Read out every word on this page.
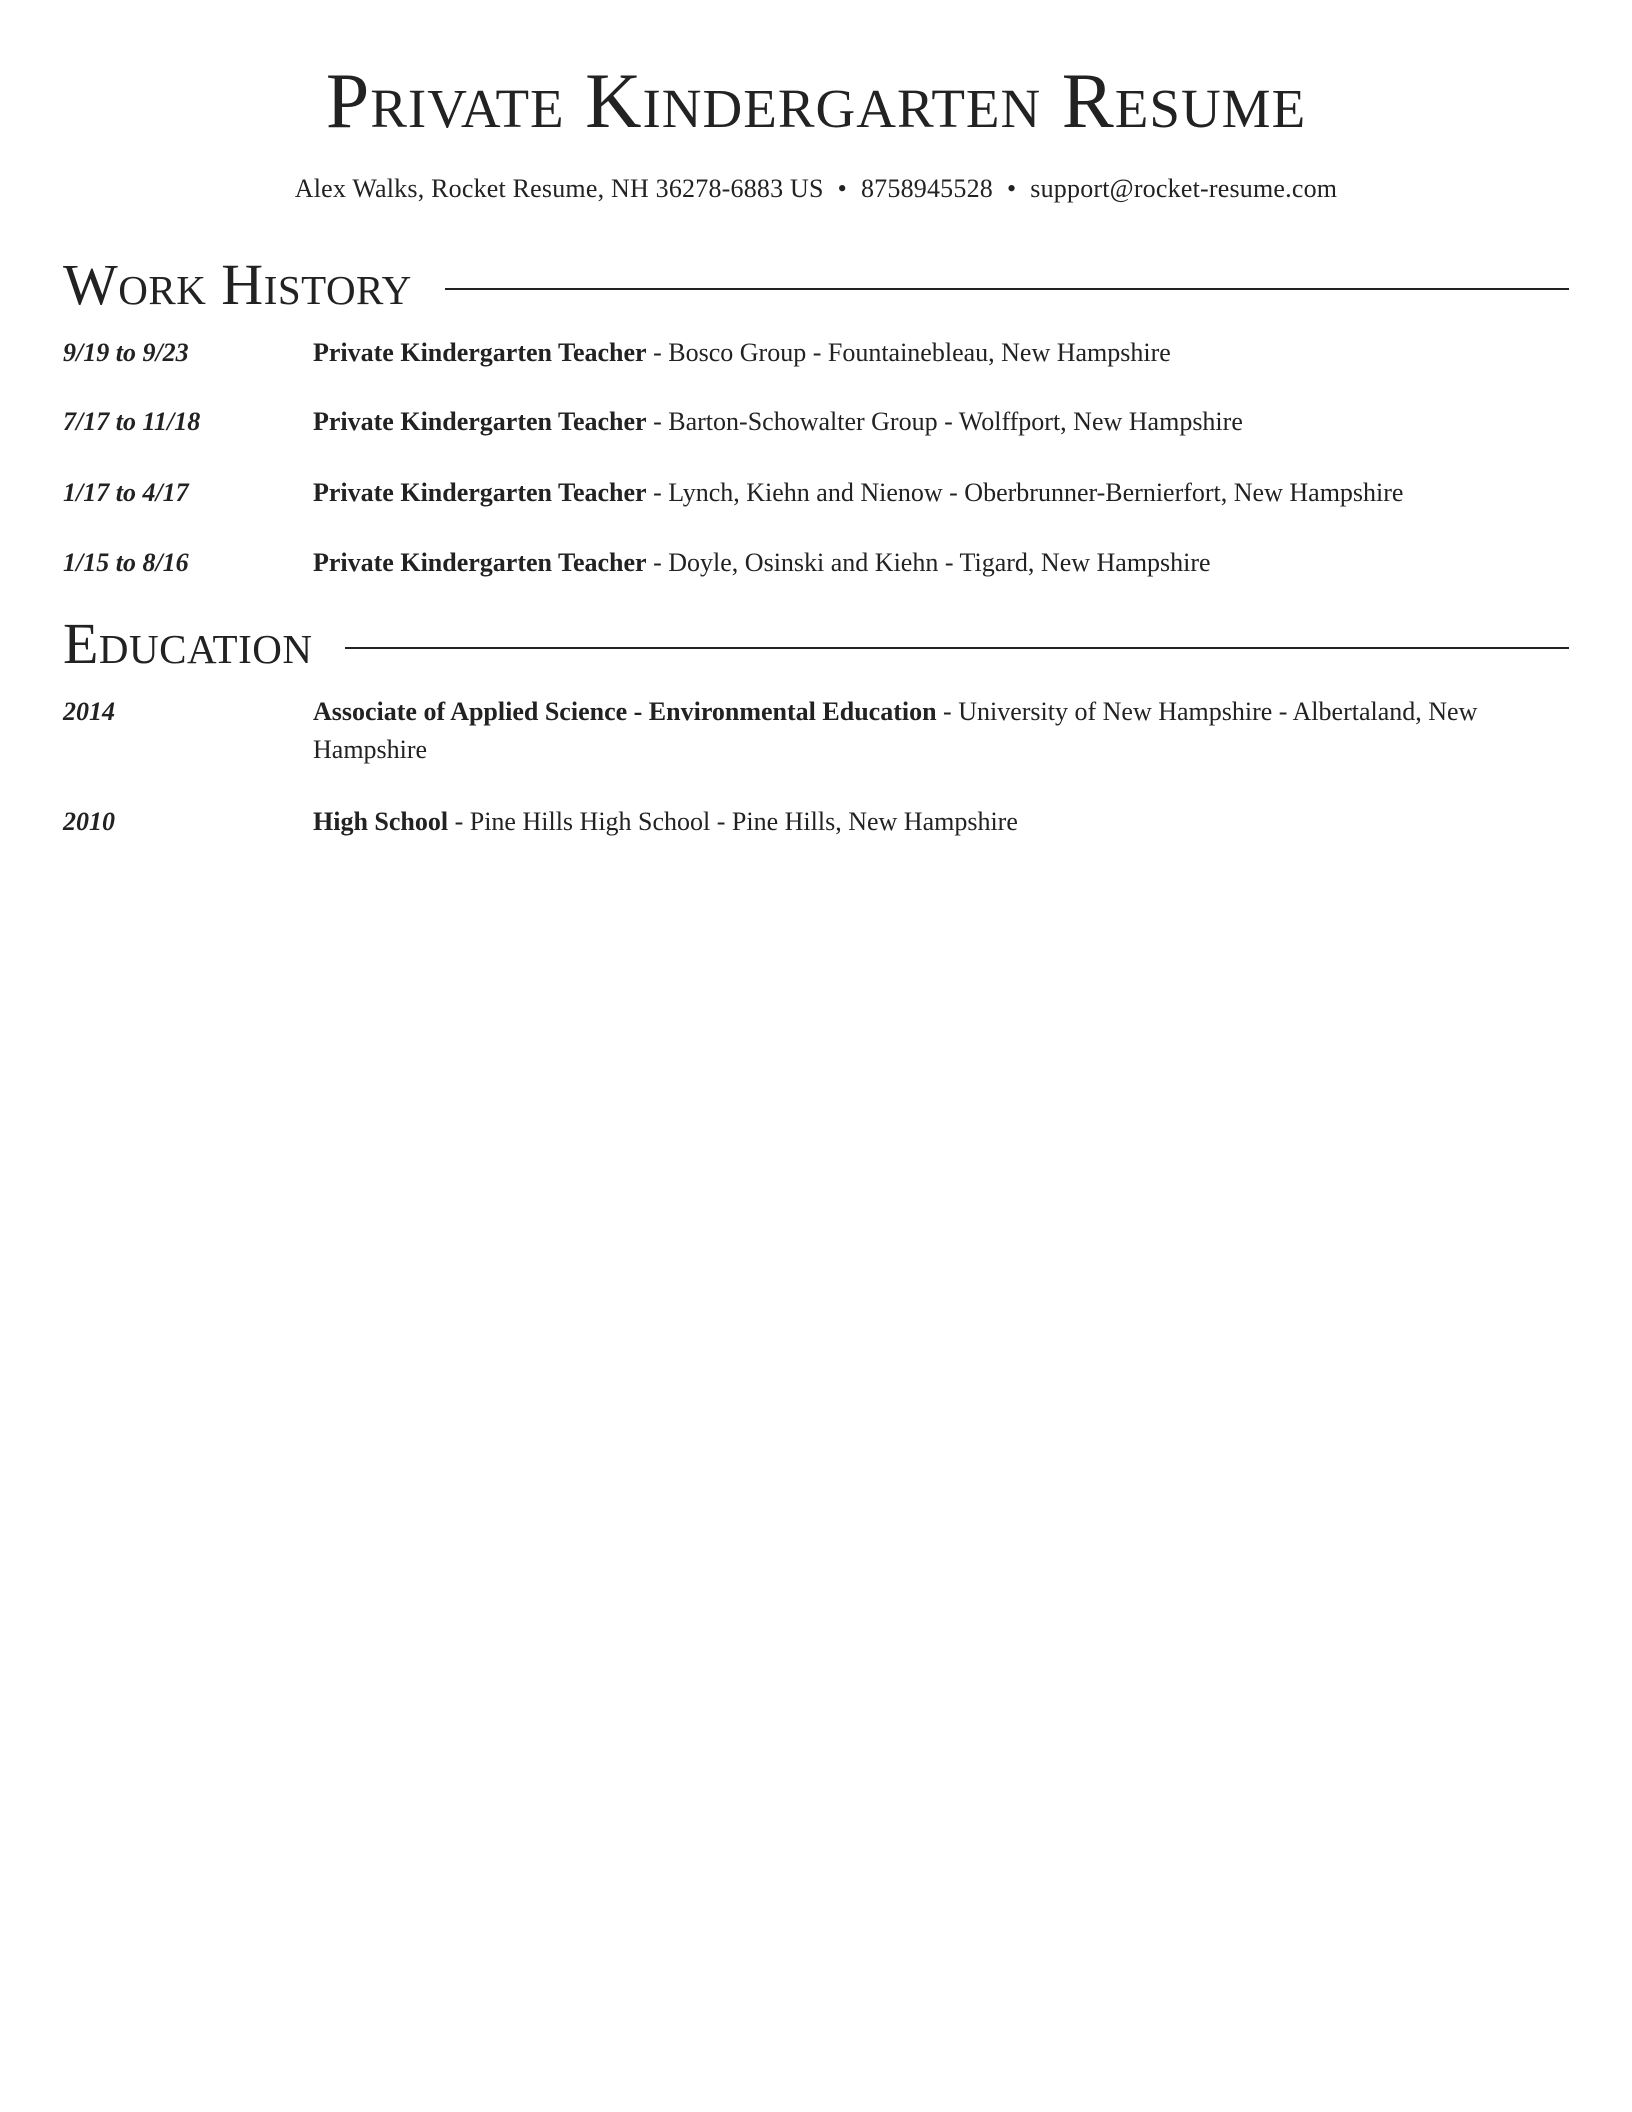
Private Kindergarten Resume
Alex Walks, Rocket Resume, NH 36278-6883 US • 8758945528 • support@rocket-resume.com
Work History
9/19 to 9/23	Private Kindergarten Teacher - Bosco Group - Fountainebleau, New Hampshire
7/17 to 11/18	Private Kindergarten Teacher - Barton-Schowalter Group - Wolffport, New Hampshire
1/17 to 4/17	Private Kindergarten Teacher - Lynch, Kiehn and Nienow - Oberbrunner-Bernierfort, New Hampshire
1/15 to 8/16	Private Kindergarten Teacher - Doyle, Osinski and Kiehn - Tigard, New Hampshire
Education
2014	Associate of Applied Science - Environmental Education - University of New Hampshire - Albertaland, New Hampshire
2010	High School - Pine Hills High School - Pine Hills, New Hampshire
